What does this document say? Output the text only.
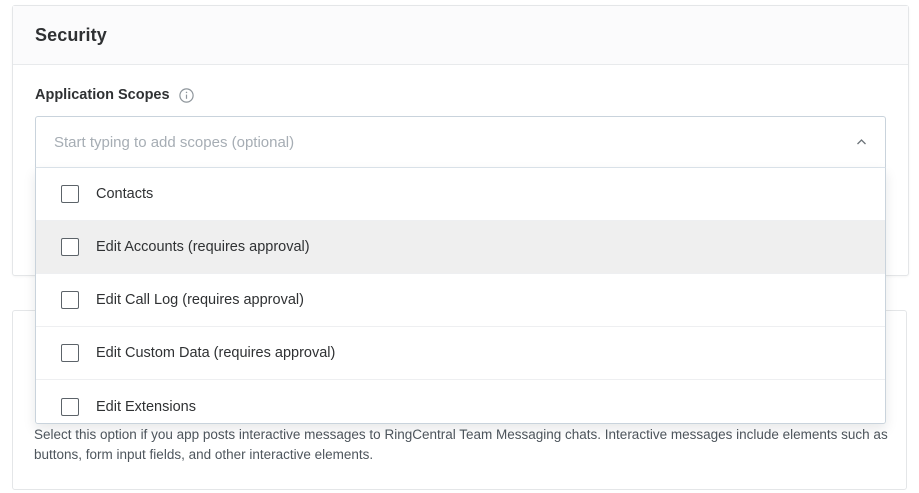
Select this option if you app posts interactive messages to RingCentral Team Messaging chats. Interactive messages include elements such as buttons, form input fields, and other interactive elements.
Security
Application Scopes
Start typing to add scopes (optional)
Contacts
Edit Accounts (requires approval)
Edit Call Log (requires approval)
Edit Custom Data (requires approval)
Edit Extensions
